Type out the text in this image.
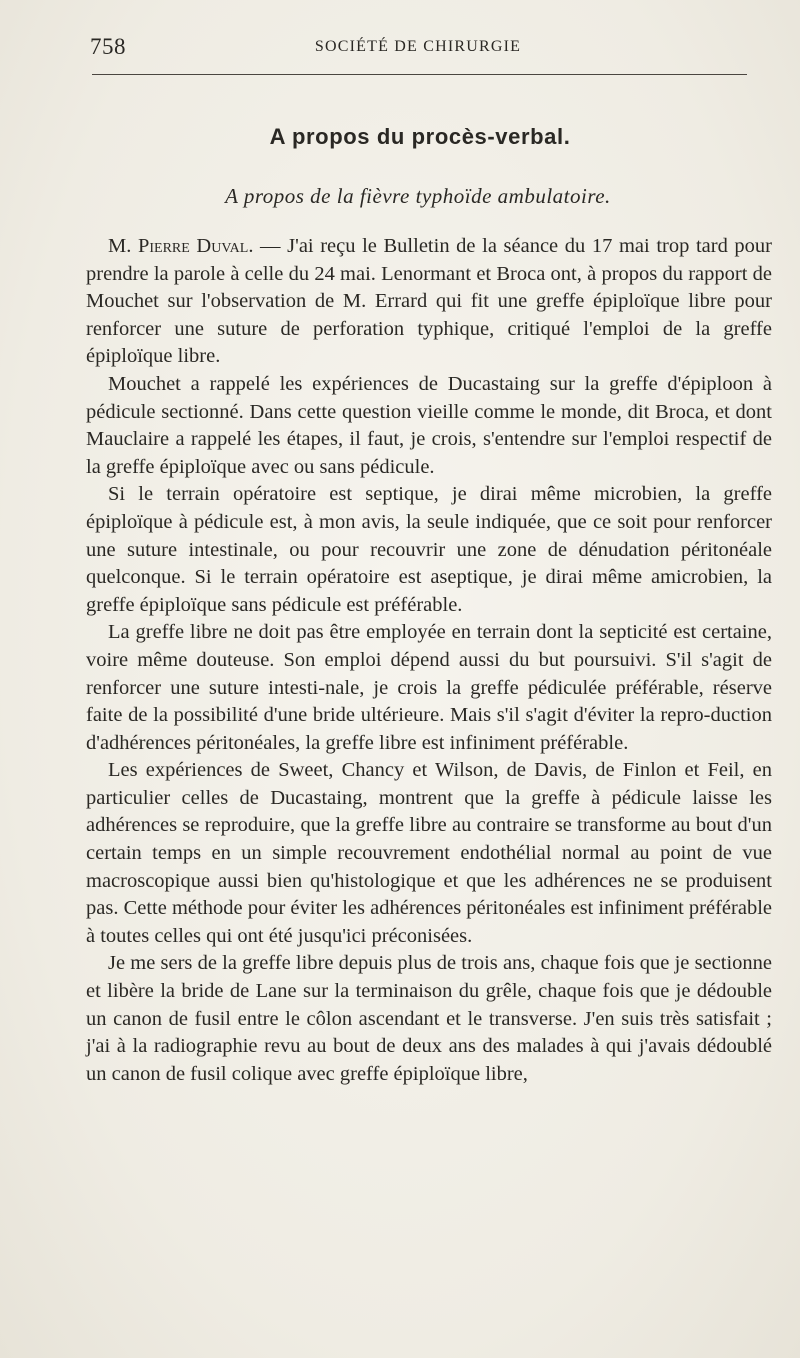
758	SOCIÉTÉ DE CHIRURGIE
A propos du procès-verbal.
A propos de la fièvre typhoïde ambulatoire.

M. Pierre Duval. — J'ai reçu le Bulletin de la séance du 17 mai trop tard pour prendre la parole à celle du 24 mai. Lenormant et Broca ont, à propos du rapport de Mouchet sur l'observation de M. Errard qui fit une greffe épiploïque libre pour renforcer une suture de perforation typhique, critiqué l'emploi de la greffe épiploïque libre.

Mouchet a rappelé les expériences de Ducastaing sur la greffe d'épiploon à pédicule sectionné. Dans cette question vieille comme le monde, dit Broca, et dont Mauclaire a rappelé les étapes, il faut, je crois, s'entendre sur l'emploi respectif de la greffe épiploïque avec ou sans pédicule.

Si le terrain opératoire est septique, je dirai même microbien, la greffe épiploïque à pédicule est, à mon avis, la seule indiquée, que ce soit pour renforcer une suture intestinale, ou pour recouvrir une zone de dénudation péritonéale quelconque. Si le terrain opératoire est aseptique, je dirai même amicrobien, la greffe épiploïque sans pédicule est préférable.

La greffe libre ne doit pas être employée en terrain dont la septicité est certaine, voire même douteuse. Son emploi dépend aussi du but poursuivi. S'il s'agit de renforcer une suture intesti-nale, je crois la greffe pédiculée préférable, réserve faite de la possibilité d'une bride ultérieure. Mais s'il s'agit d'éviter la repro-duction d'adhérences péritonéales, la greffe libre est infiniment préférable.

Les expériences de Sweet, Chancy et Wilson, de Davis, de Finlon et Feil, en particulier celles de Ducastaing, montrent que la greffe à pédicule laisse les adhérences se reproduire, que la greffe libre au contraire se transforme au bout d'un certain temps en un simple recouvrement endothélial normal au point de vue macroscopique aussi bien qu'histologique et que les adhérences ne se produisent pas. Cette méthode pour éviter les adhérences péritonéales est infiniment préférable à toutes celles qui ont été jusqu'ici préconisées.

Je me sers de la greffe libre depuis plus de trois ans, chaque fois que je sectionne et libère la bride de Lane sur la terminaison du grêle, chaque fois que je dédouble un canon de fusil entre le côlon ascendant et le transverse. J'en suis très satisfait ; j'ai à la radiographie revu au bout de deux ans des malades à qui j'avais dédoublé un canon de fusil colique avec greffe épiploïque libre,
